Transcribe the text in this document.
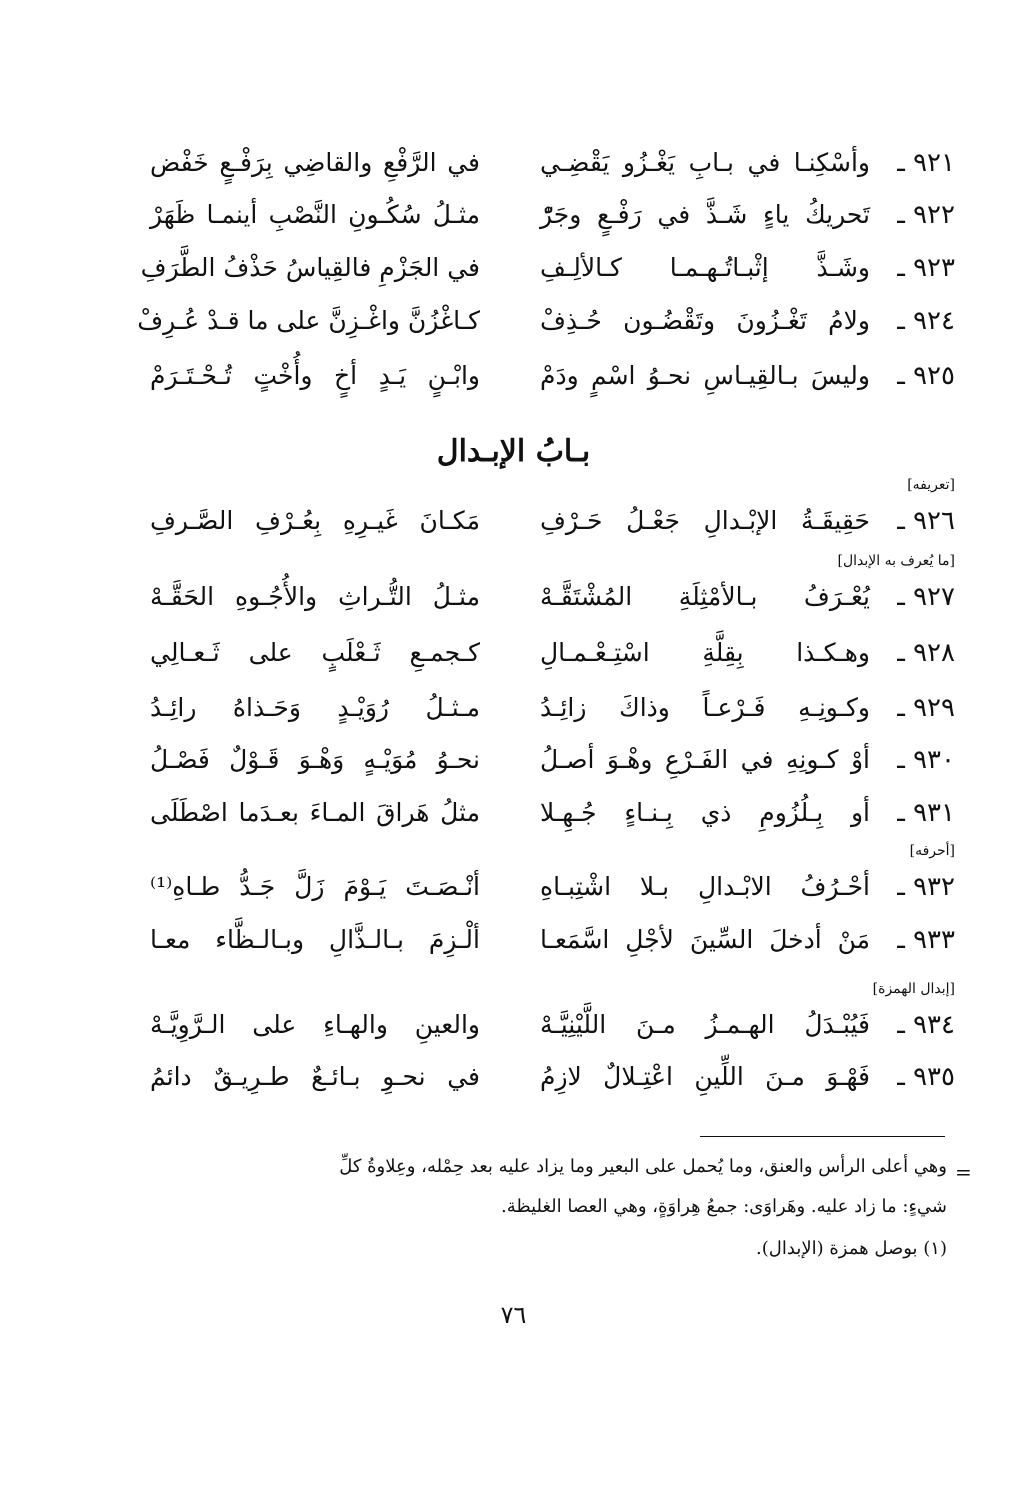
٩٢١ ـ
وأسْكِنـا في بـابِ يَغْـزُو يَقْضِـي
في الرَّفْعِ والقاضِي بِرَفْـعٍ خَفْض
٩٢٢ ـ
تَحريكُ ياءٍ شَـذَّ في رَفْـعٍ وجَرّْ
مثـلُ سُكُـونِ النَّصْبِ أينمـا ظَهَرْ
٩٢٣ ـ
وشَـذَّ إثْبـاتُـهـمـا كـالألِـفِ
في الجَزْمِ فالقِياسُ حَذْفُ الطَّرَفِ
٩٢٤ ـ
ولامُ تَغْـزُونَ وتَقْضُـون حُـذِفْ
كـاغْزُنَّ واغْـزِنَّ على ما قـدْ عُـرِفْ
٩٢٥ ـ
وليسَ بـالقِيـاسِ نحـوُ اسْمٍ ودَمْ
وابْـنٍ يَـدٍ أخٍ وأُخْتٍ تُـحْـتَـرَمْ
بـابُ الإبـدال
[تعريفه]
٩٢٦ ـ
حَقِيقَـةُ الإبْـدالِ جَعْـلُ حَـرْفِ
مَكـانَ غَيـرِهِ بِعُـرْفِ الصَّـرفِ
[ما يُعرف به الإبدال]
٩٢٧ ـ
يُعْـرَفُ بـالأمْثِلَةِ المُشْتَقَّـهْ
مثـلُ التُّـراثِ والأُجُـوهِ الحَقَّـهْ
٩٢٨ ـ
وهـكـذا بِقِلَّةِ اسْتِـعْـمـالِ
كـجمـعِ ثَـعْلَبٍ على ثَـعـالِي
٩٢٩ ـ
وكـونِـهِ فَـرْعـاً وذاكَ زائِـدُ
مـثـلُ رُوَيْـدٍ وَحَـذاهُ رائِـدُ
٩٣٠ ـ
أوْ كـونِهِ في الفَـرْعِ وهْـوَ أصـلُ
نحـوُ مُوَيْـهٍ وَهْـوَ قَـوْلٌ فَصْـلُ
٩٣١ ـ
أو بِـلُزُومِ ذي بِـنـاءٍ جُـهِـلا
مثلُ هَراقَ المـاءَ بعـدَما اصْطَلَى
[أحرفه]
٩٣٢ ـ
أحْـرُفُ الابْـدالِ بـلا اشْتِبـاهِ
أنْـصَـتَ يَـوْمَ زَلَّ جَـدُّ طـاهِ⁽¹⁾
٩٣٣ ـ
مَنْ أدخلَ السِّينَ لأجْلِ اسَّمَعـا
ألْـزِمَ بـالـذَّالِ وبـالـظَّاء معـا
[إبدال الهمزة]
٩٣٤ ـ
فَيُبْـدَلُ الهـمـزُ مـنَ اللَّيْنِيَّـهْ
والعينِ والهـاءِ على الـرَّوِيَّـهْ
٩٣٥ ـ
فَهْـوَ مـنَ اللِّينِ اعْتِـلالٌ لازِمُ
في نحـوِ بـائـعٌ طـرِيـقٌ دائمُ
=
وهي أعلى الرأس والعنق، وما يُحمل على البعير وما يزاد عليه بعد حِمْله، وعِلاوةُ كلِّ
شيءٍ: ما زاد عليه. وهَراوَى: جمعُ هِراوَةٍ، وهي العصا الغليظة.
(١) بوصل همزة (الإبدال).
٧٦
